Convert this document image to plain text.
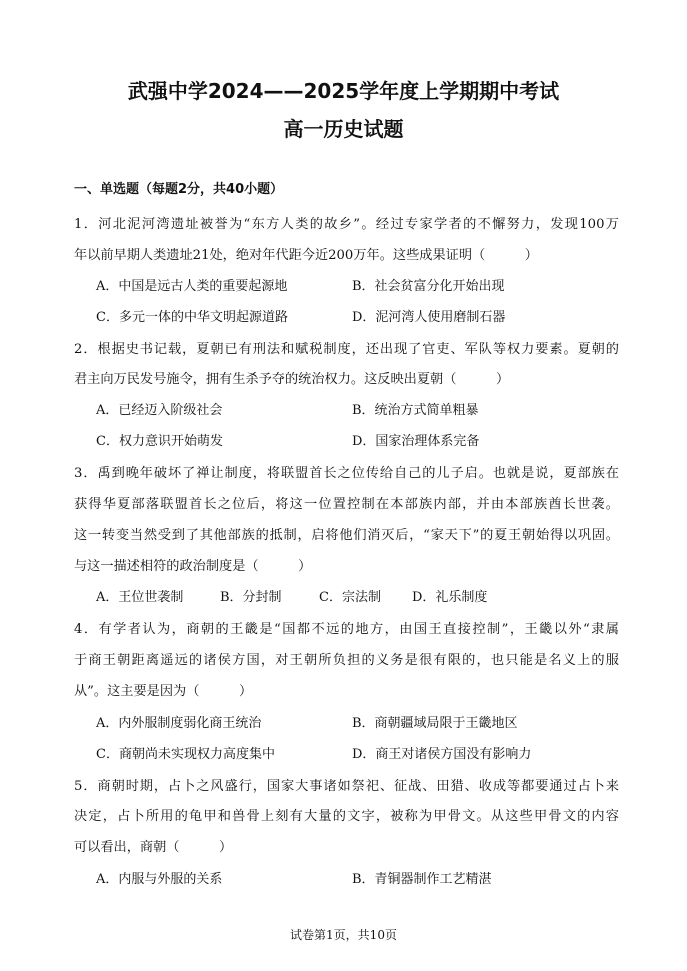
武强中学2024——2025学年度上学期期中考试
高一历史试题
一、单选题（每题2分，共40小题）
1．河北泥河湾遗址被誉为“东方人类的故乡”。经过专家学者的不懈努力，发现100万
年以前早期人类遗址21处，绝对年代距今近200万年。这些成果证明（　　　）
A．中国是远古人类的重要起源地	B．社会贫富分化开始出现
C．多元一体的中华文明起源道路	D．泥河湾人使用磨制石器
2．根据史书记载，夏朝已有刑法和赋税制度，还出现了官吏、军队等权力要素。夏朝的
君主向万民发号施令，拥有生杀予夺的统治权力。这反映出夏朝（　　　）
A．已经迈入阶级社会	B．统治方式简单粗暴
C．权力意识开始萌发	D．国家治理体系完备
3．禹到晚年破坏了禅让制度，将联盟首长之位传给自己的儿子启。也就是说，夏部族在
获得华夏部落联盟首长之位后，将这一位置控制在本部族内部，并由本部族酋长世袭。
这一转变当然受到了其他部族的抵制，启将他们消灭后，“家天下”的夏王朝始得以巩固。
与这一描述相符的政治制度是（　　　）
A．王位世袭制	B．分封制	C．宗法制 D．礼乐制度
4．有学者认为，商朝的王畿是“国都不远的地方，由国王直接控制”，王畿以外“隶属
于商王朝距离遥远的诸侯方国，对王朝所负担的义务是很有限的，也只能是名义上的服
从”。这主要是因为（　　　）
A．内外服制度弱化商王统治	B．商朝疆域局限于王畿地区
C．商朝尚未实现权力高度集中	D．商王对诸侯方国没有影响力
5．商朝时期，占卜之风盛行，国家大事诸如祭祀、征战、田猎、收成等都要通过占卜来
决定，占卜所用的龟甲和兽骨上刻有大量的文字，被称为甲骨文。从这些甲骨文的内容
可以看出，商朝（　　　）
A．内服与外服的关系	B．青铜器制作工艺精湛
试卷第1页，共10页
